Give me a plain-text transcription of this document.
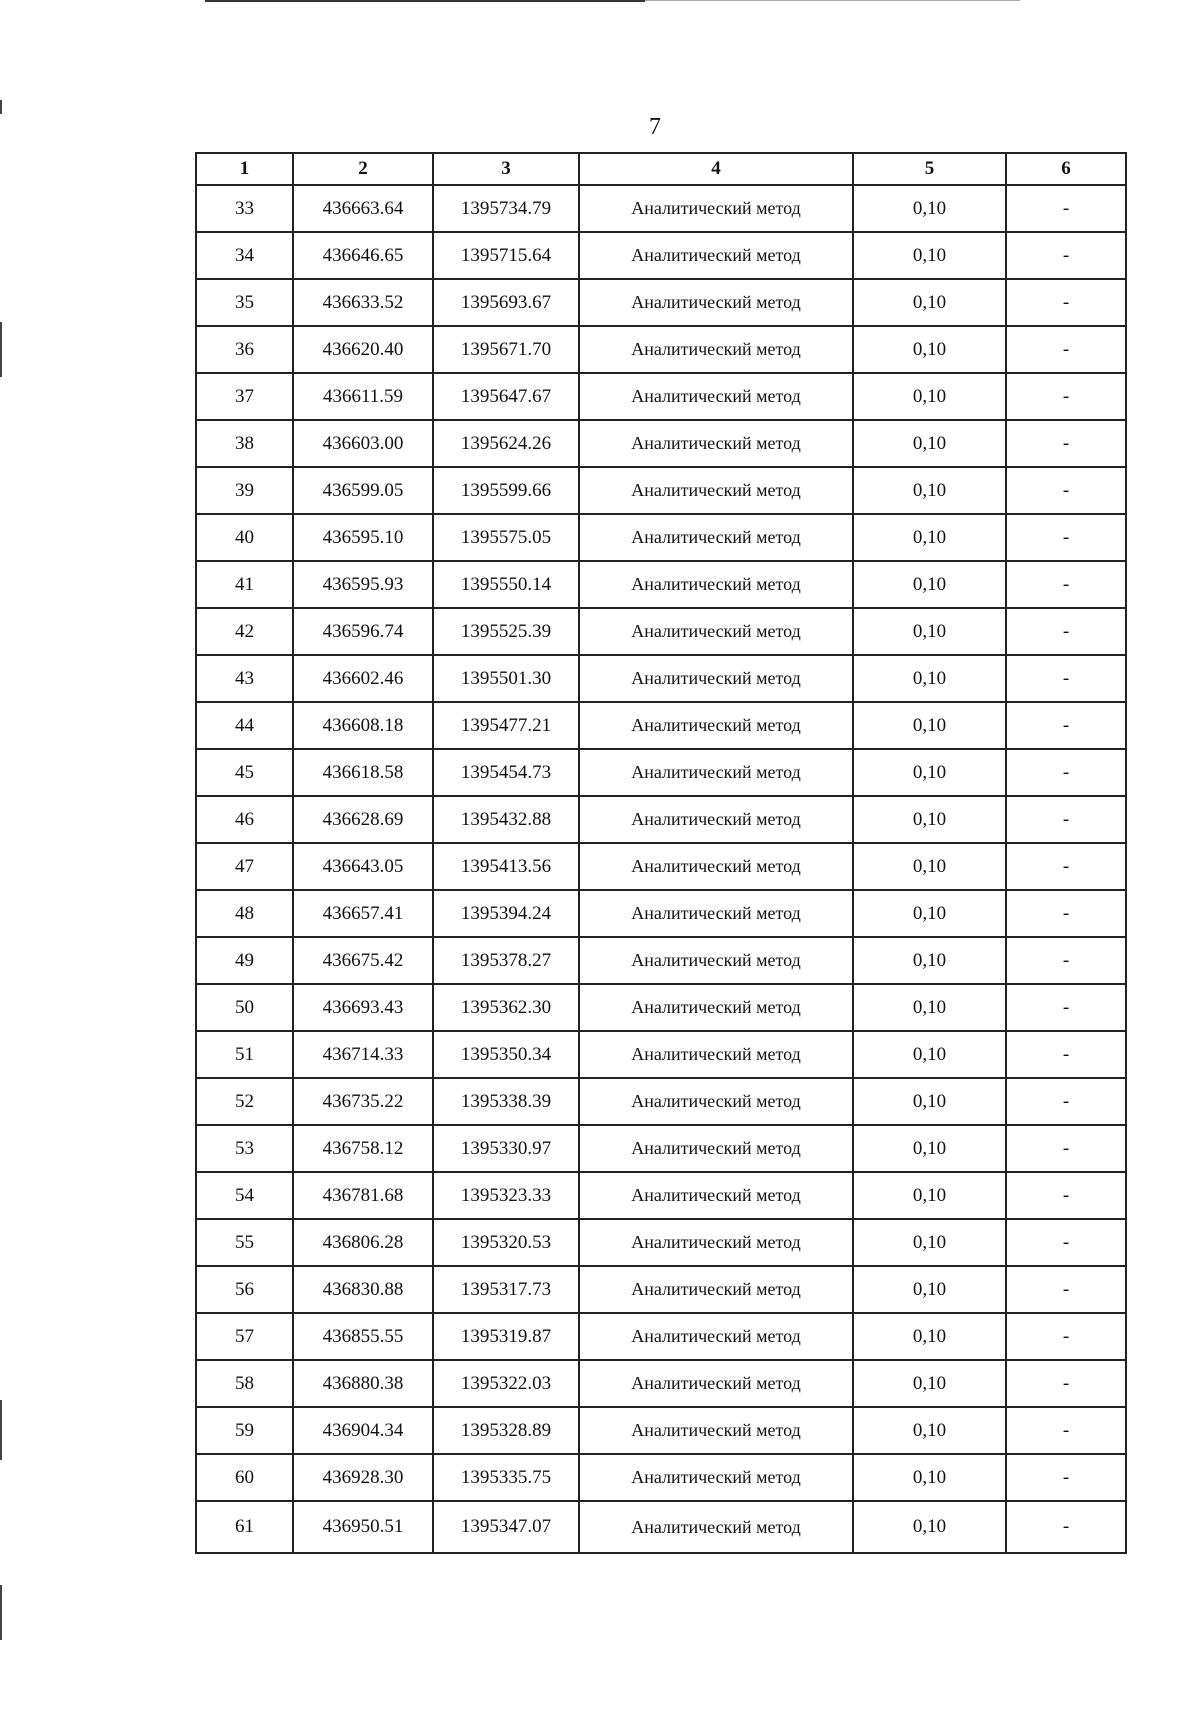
7
1	2	3	4	5	6
33	436663.64	1395734.79	Аналитический метод	0,10	-
34	436646.65	1395715.64	Аналитический метод	0,10	-
35	436633.52	1395693.67	Аналитический метод	0,10	-
36	436620.40	1395671.70	Аналитический метод	0,10	-
37	436611.59	1395647.67	Аналитический метод	0,10	-
38	436603.00	1395624.26	Аналитический метод	0,10	-
39	436599.05	1395599.66	Аналитический метод	0,10	-
40	436595.10	1395575.05	Аналитический метод	0,10	-
41	436595.93	1395550.14	Аналитический метод	0,10	-
42	436596.74	1395525.39	Аналитический метод	0,10	-
43	436602.46	1395501.30	Аналитический метод	0,10	-
44	436608.18	1395477.21	Аналитический метод	0,10	-
45	436618.58	1395454.73	Аналитический метод	0,10	-
46	436628.69	1395432.88	Аналитический метод	0,10	-
47	436643.05	1395413.56	Аналитический метод	0,10	-
48	436657.41	1395394.24	Аналитический метод	0,10	-
49	436675.42	1395378.27	Аналитический метод	0,10	-
50	436693.43	1395362.30	Аналитический метод	0,10	-
51	436714.33	1395350.34	Аналитический метод	0,10	-
52	436735.22	1395338.39	Аналитический метод	0,10	-
53	436758.12	1395330.97	Аналитический метод	0,10	-
54	436781.68	1395323.33	Аналитический метод	0,10	-
55	436806.28	1395320.53	Аналитический метод	0,10	-
56	436830.88	1395317.73	Аналитический метод	0,10	-
57	436855.55	1395319.87	Аналитический метод	0,10	-
58	436880.38	1395322.03	Аналитический метод	0,10	-
59	436904.34	1395328.89	Аналитический метод	0,10	-
60	436928.30	1395335.75	Аналитический метод	0,10	-
61	436950.51	1395347.07	Аналитический метод	0,10	-
